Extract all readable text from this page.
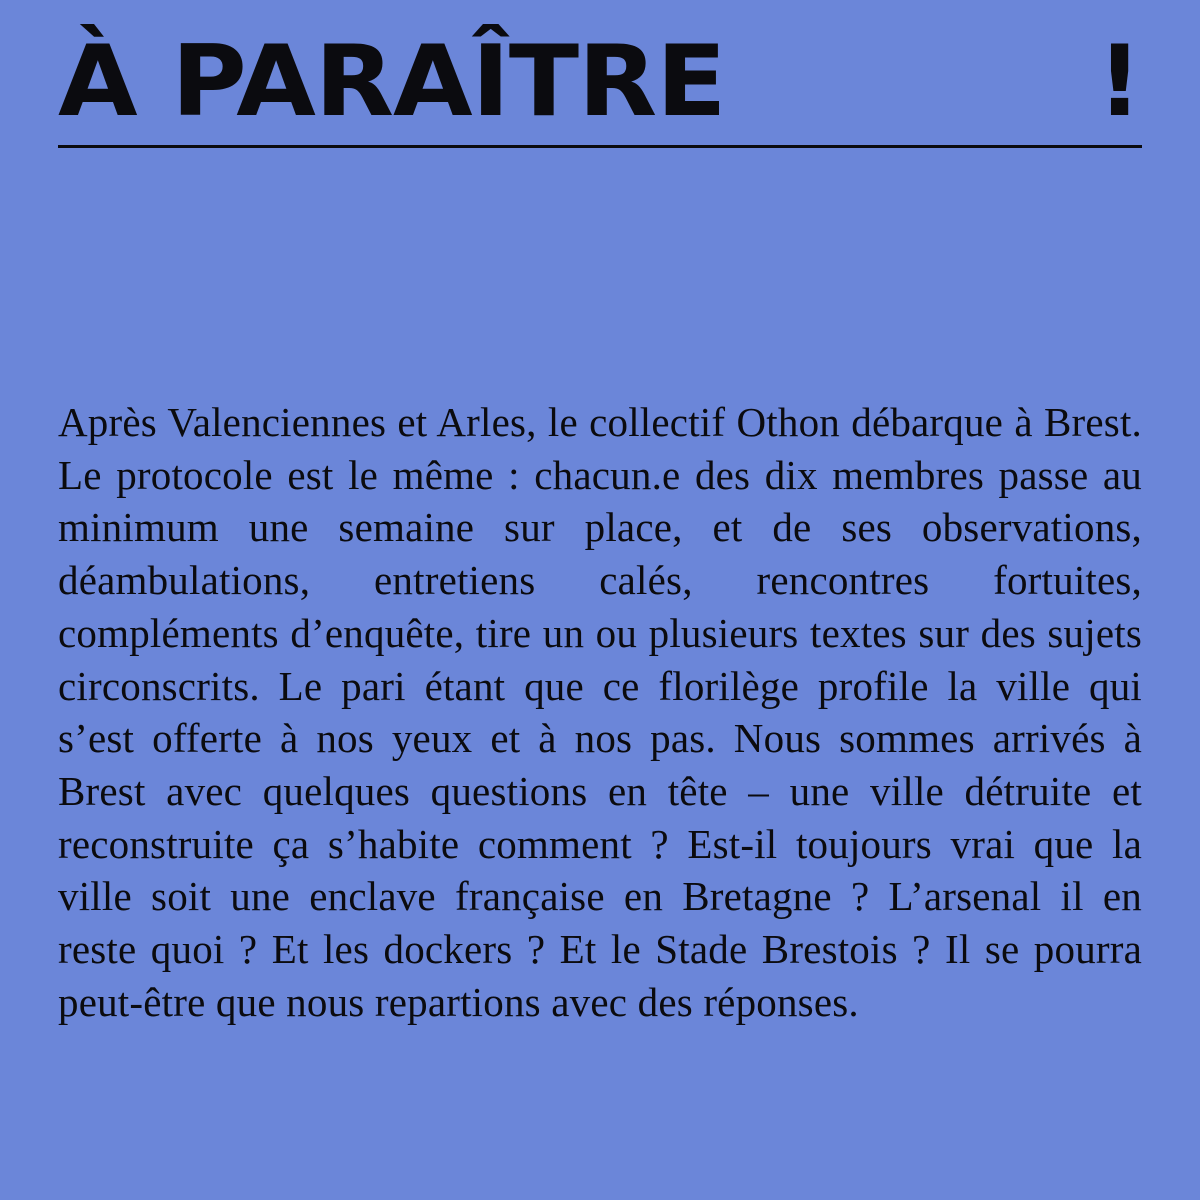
À PARAÎTRE	!

Après Valenciennes et Arles, le collectif Othon débarque à Brest. Le protocole est le même : chacun.e des dix membres passe au minimum une semaine sur place, et de ses observations, déambulations, entretiens calés, rencontres fortuites, compléments d’enquête, tire un ou plusieurs textes sur des sujets circonscrits. Le pari étant que ce florilège profile la ville qui s’est offerte à nos yeux et à nos pas. Nous sommes arrivés à Brest avec quelques questions en tête – une ville détruite et reconstruite ça s’habite comment ? Est-il toujours vrai que la ville soit une enclave française en Bretagne ? L’arsenal il en reste quoi ? Et les dockers ? Et le Stade Brestois ? Il se pourra peut-être que nous repartions avec des réponses.
